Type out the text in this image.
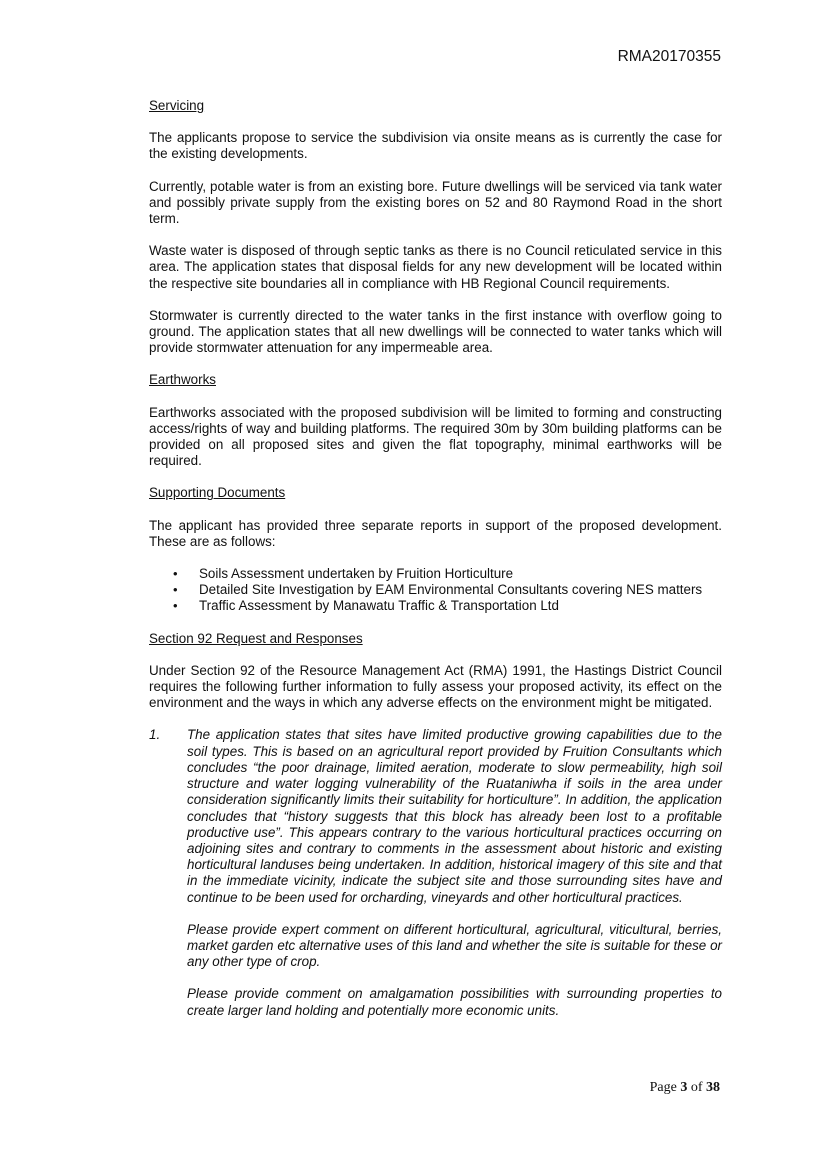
RMA20170355
Servicing

The applicants propose to service the subdivision via onsite means as is currently the case for the existing developments.

Currently, potable water is from an existing bore. Future dwellings will be serviced via tank water and possibly private supply from the existing bores on 52 and 80 Raymond Road in the short term.

Waste water is disposed of through septic tanks as there is no Council reticulated service in this area. The application states that disposal fields for any new development will be located within the respective site boundaries all in compliance with HB Regional Council requirements.

Stormwater is currently directed to the water tanks in the first instance with overflow going to ground. The application states that all new dwellings will be connected to water tanks which will provide stormwater attenuation for any impermeable area.

Earthworks

Earthworks associated with the proposed subdivision will be limited to forming and constructing access/rights of way and building platforms. The required 30m by 30m building platforms can be provided on all proposed sites and given the flat topography, minimal earthworks will be required.

Supporting Documents

The applicant has provided three separate reports in support of the proposed development. These are as follows:

• Soils Assessment undertaken by Fruition Horticulture
• Detailed Site Investigation by EAM Environmental Consultants covering NES matters
• Traffic Assessment by Manawatu Traffic & Transportation Ltd
Section 92 Request and Responses

Under Section 92 of the Resource Management Act (RMA) 1991, the Hastings District Council requires the following further information to fully assess your proposed activity, its effect on the environment and the ways in which any adverse effects on the environment might be mitigated.

1. The application states that sites have limited productive growing capabilities due to the soil types. This is based on an agricultural report provided by Fruition Consultants which concludes “the poor drainage, limited aeration, moderate to slow permeability, high soil structure and water logging vulnerability of the Ruataniwha if soils in the area under consideration significantly limits their suitability for horticulture”. In addition, the application concludes that “history suggests that this block has already been lost to a profitable productive use”. This appears contrary to the various horticultural practices occurring on adjoining sites and contrary to comments in the assessment about historic and existing horticultural landuses being undertaken. In addition, historical imagery of this site and that in the immediate vicinity, indicate the subject site and those surrounding sites have and continue to be been used for orcharding, vineyards and other horticultural practices.

Please provide expert comment on different horticultural, agricultural, viticultural, berries, market garden etc alternative uses of this land and whether the site is suitable for these or any other type of crop.

Please provide comment on amalgamation possibilities with surrounding properties to create larger land holding and potentially more economic units.

Page 3 of 38
